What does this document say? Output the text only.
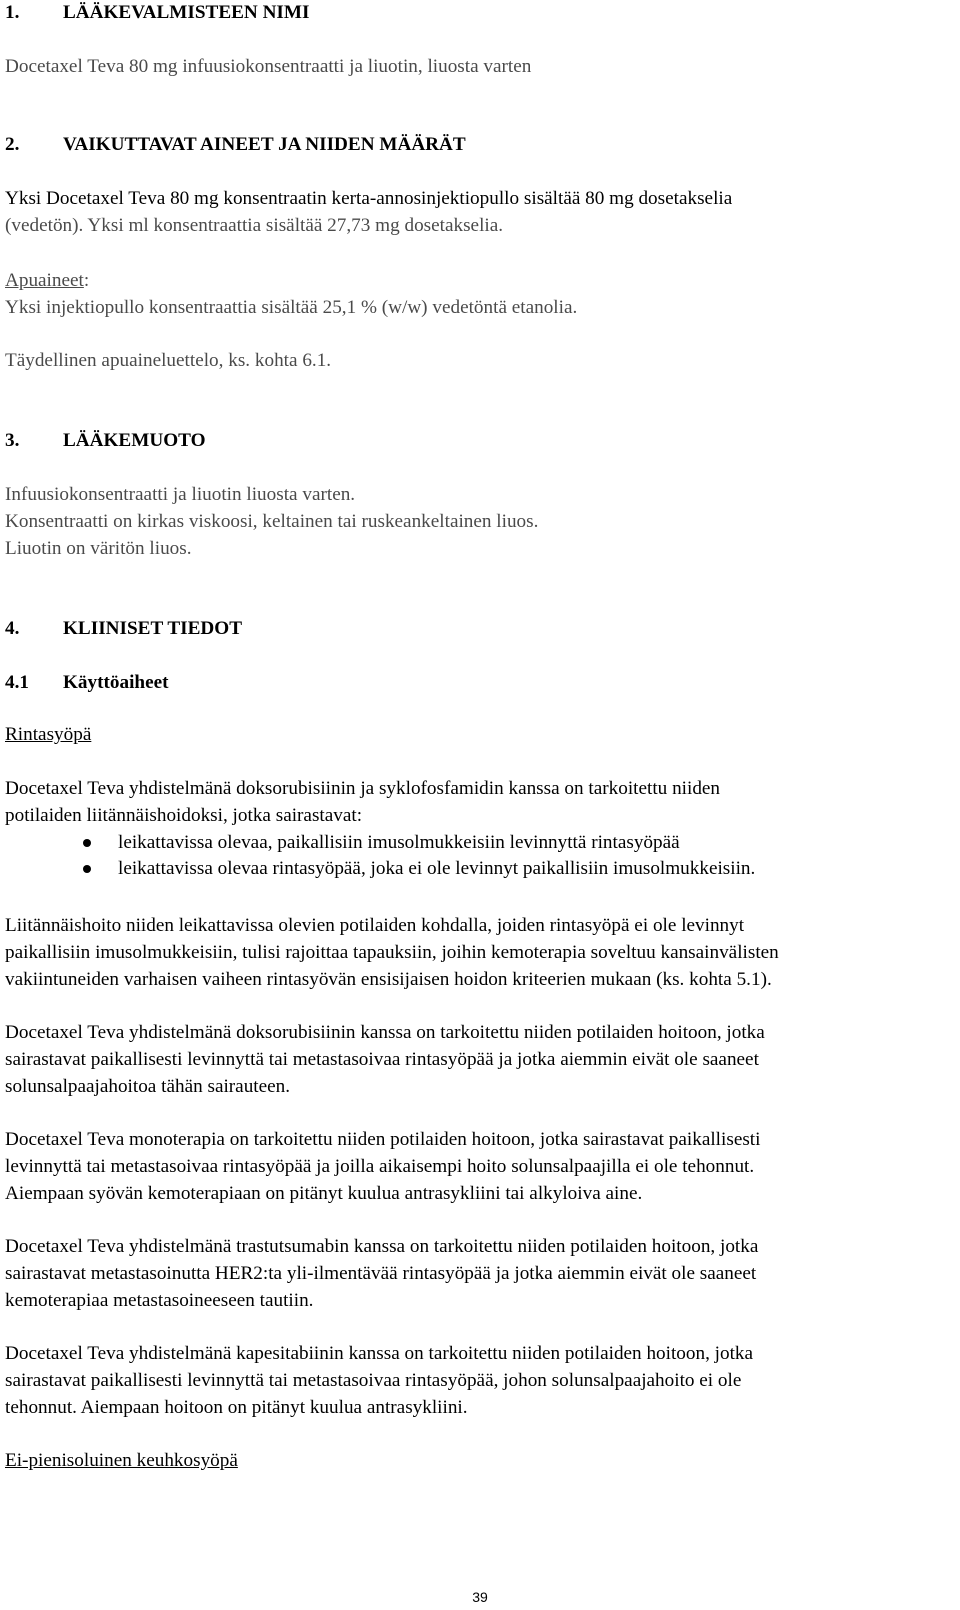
1.	LÄÄKEVALMISTEEN NIMI

Docetaxel Teva 80 mg infuusiokonsentraatti ja liuotin, liuosta varten

2.	VAIKUTTAVAT AINEET JA NIIDEN MÄÄRÄT

Yksi Docetaxel Teva 80 mg konsentraatin kerta-annosinjektiopullo sisältää 80 mg dosetakselia

(vedetön). Yksi ml konsentraattia sisältää 27,73 mg dosetakselia.

Apuaineet:

Yksi injektiopullo konsentraattia sisältää 25,1 % (w/w) vedetöntä etanolia.

Täydellinen apuaineluettelo, ks. kohta 6.1.

3.	LÄÄKEMUOTO

Infuusiokonsentraatti ja liuotin liuosta varten.

Konsentraatti on kirkas viskoosi, keltainen tai ruskeankeltainen liuos.

Liuotin on väritön liuos.

4.	KLIINISET TIEDOT
4.1	Käyttöaiheet

Rintasyöpä

Docetaxel Teva yhdistelmänä doksorubisiinin ja syklofosfamidin kanssa on tarkoitettu niiden

potilaiden liitännäishoidoksi, jotka sairastavat:

leikattavissa olevaa, paikallisiin imusolmukkeisiin levinnyttä rintasyöpää
leikattavissa olevaa rintasyöpää, joka ei ole levinnyt paikallisiin imusolmukkeisiin.

Liitännäishoito niiden leikattavissa olevien potilaiden kohdalla, joiden rintasyöpä ei ole levinnyt

paikallisiin imusolmukkeisiin, tulisi rajoittaa tapauksiin, joihin kemoterapia soveltuu kansainvälisten

vakiintuneiden varhaisen vaiheen rintasyövän ensisijaisen hoidon kriteerien mukaan (ks. kohta 5.1).

Docetaxel Teva yhdistelmänä doksorubisiinin kanssa on tarkoitettu niiden potilaiden hoitoon, jotka

sairastavat paikallisesti levinnyttä tai metastasoivaa rintasyöpää ja jotka aiemmin eivät ole saaneet

solunsalpaajahoitoa tähän sairauteen.

Docetaxel Teva monoterapia on tarkoitettu niiden potilaiden hoitoon, jotka sairastavat paikallisesti

levinnyttä tai metastasoivaa rintasyöpää ja joilla aikaisempi hoito solunsalpaajilla ei ole tehonnut.

Aiempaan syövän kemoterapiaan on pitänyt kuulua antrasykliini tai alkyloiva aine.

Docetaxel Teva yhdistelmänä trastutsumabin kanssa on tarkoitettu niiden potilaiden hoitoon, jotka

sairastavat metastasoinutta HER2:ta yli-ilmentävää rintasyöpää ja jotka aiemmin eivät ole saaneet

kemoterapiaa metastasoineeseen tautiin.

Docetaxel Teva yhdistelmänä kapesitabiinin kanssa on tarkoitettu niiden potilaiden hoitoon, jotka

sairastavat paikallisesti levinnyttä tai metastasoivaa rintasyöpää, johon solunsalpaajahoito ei ole

tehonnut. Aiempaan hoitoon on pitänyt kuulua antrasykliini.

Ei-pienisoluinen keuhkosyöpä

39
